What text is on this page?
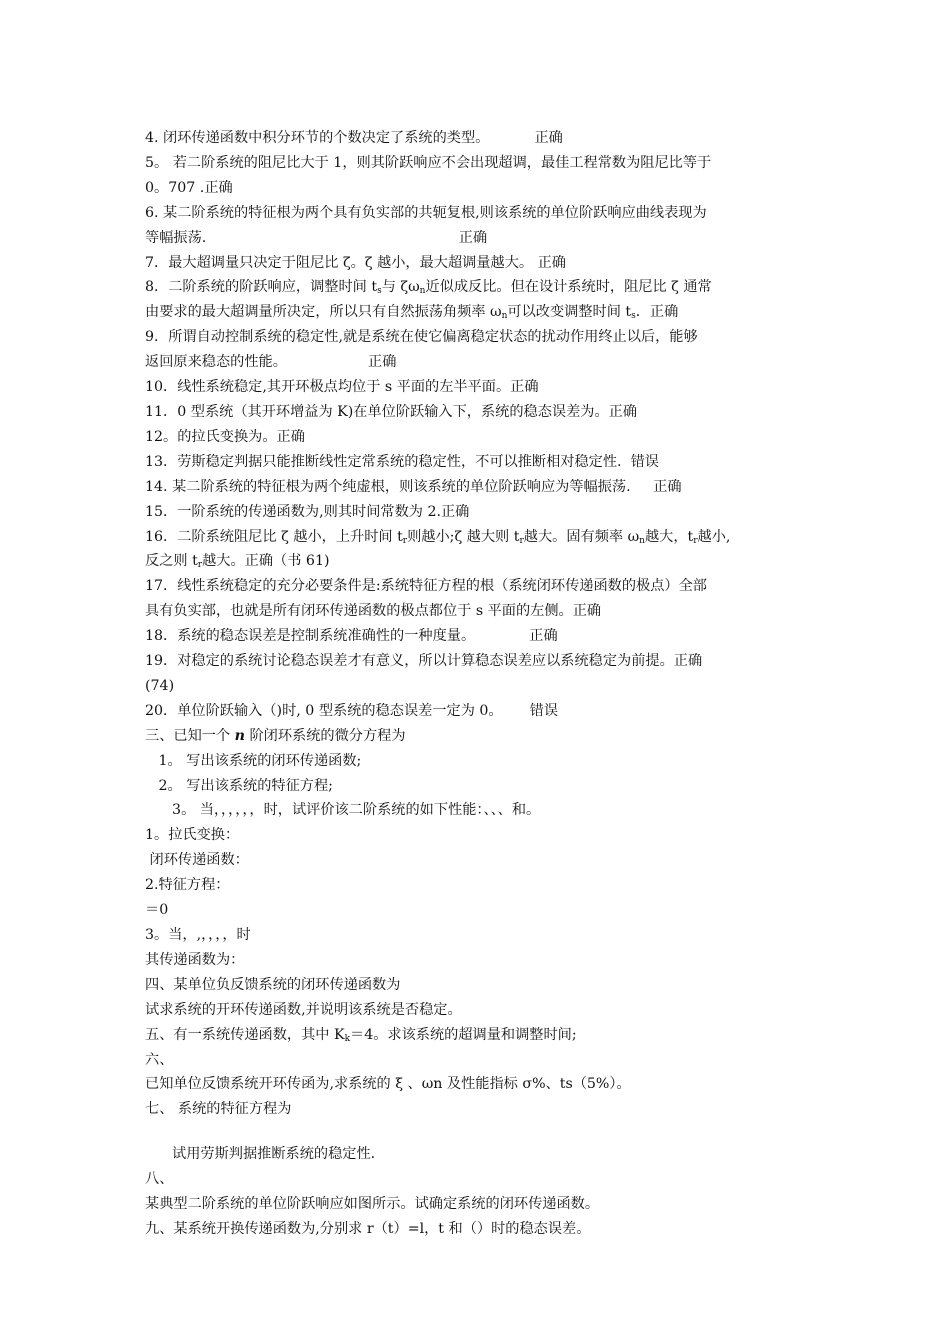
4. 闭环传递函数中积分环节的个数决定了系统的类型。          正确
5。 若二阶系统的阻尼比大于 1，则其阶跃响应不会出现超调，最佳工程常数为阻尼比等于
0。707 .正确
6. 某二阶系统的特征根为两个具有负实部的共轭复根,则该系统的单位阶跃响应曲线表现为
等幅振荡.                                                        正确
7．最大超调量只决定于阻尼比 ζ。ζ 越小，最大超调量越大。 正确
8．二阶系统的阶跃响应，调整时间 $t_s$与 $\zeta\omega_n$近似成反比。但在设计系统时，阻尼比 ζ 通常
由要求的最大超调量所决定，所以只有自然振荡角频率 $\omega_n$可以改变调整时间 $t_s$．正确
9．所谓自动控制系统的稳定性,就是系统在使它偏离稳定状态的扰动作用终止以后，能够
返回原来稳态的性能。                  正确
10．线性系统稳定,其开环极点均位于 s 平面的左半平面。正确
11．0 型系统（其开环增益为 K)在单位阶跃输入下，系统的稳态误差为。正确
12。的拉氏变换为。正确
13．劳斯稳定判据只能推断线性定常系统的稳定性，不可以推断相对稳定性.  错误
14. 某二阶系统的特征根为两个纯虚根，则该系统的单位阶跃响应为等幅振荡.     正确
15．一阶系统的传递函数为,则其时间常数为 2.正确
16．二阶系统阻尼比 ζ 越小，上升时间 $t_r$则越小;ζ 越大则 $t_r$越大。固有频率 $\omega_n$越大，$t_r$越小,
反之则 $t_r$越大。正确（书 61)
17．线性系统稳定的充分必要条件是:系统特征方程的根（系统闭环传递函数的极点）全部
具有负实部，也就是所有闭环传递函数的极点都位于 s 平面的左侧。正确
18．系统的稳态误差是控制系统准确性的一种度量。            正确
19．对稳定的系统讨论稳态误差才有意义，所以计算稳态误差应以系统稳定为前提。正确
(74)
20．单位阶跃输入（)时, 0 型系统的稳态误差一定为 0。      错误
三、已知一个 n 阶闭环系统的微分方程为
1。 写出该系统的闭环传递函数;
2。 写出该系统的特征方程;
3。 当，，，，，，时，试评价该二阶系统的如下性能：、、、和。
1。拉氏变换：
闭环传递函数：
2.特征方程：
＝0
3。当，,，，，，时
其传递函数为：
四、某单位负反馈系统的闭环传递函数为
试求系统的开环传递函数,并说明该系统是否稳定。
五、有一系统传递函数，其中 $K_k=4$。求该系统的超调量和调整时间;
六、
已知单位反馈系统开环传函为,求系统的 ξ 、ωn 及性能指标 σ%、ts（5%）。
七、 系统的特征方程为
试用劳斯判据推断系统的稳定性.
八、
某典型二阶系统的单位阶跃响应如图所示。试确定系统的闭环传递函数。
九、某系统开换传递函数为,分别求 r（t）=l，t 和（）时的稳态误差。
